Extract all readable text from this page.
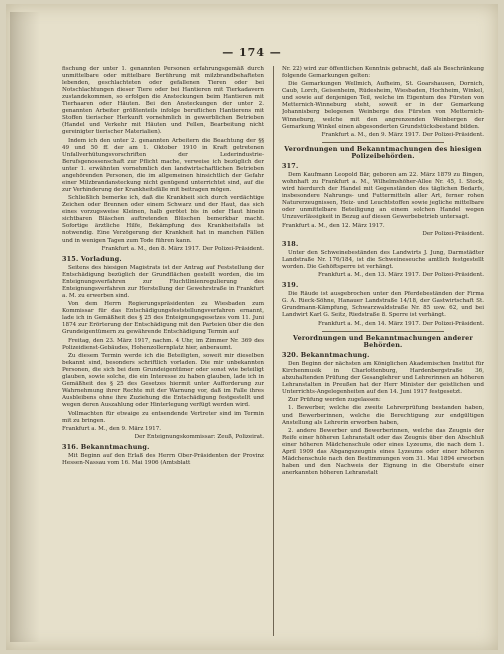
— 174 —

fischung der unter 1. genannten Personen erfahrungsgemäß durch unmittelbare oder mittelbare Berührung mit milzbrandbehafteten lebenden, geschlachteten oder gefallenen Tieren oder bei Notschlachtungen dieser Tiere oder bei Hantieren mit Tierkadavern zustandekommen, so erfolgen die Ansteckungen beim Hantieren mit Tierhaaren oder Häuten. Bei den Ansteckungen der unter 2. genannten Arbeiter größtenteils infolge beruflichen Hantierens mit Stoffen tierischer Herkunft vornehmlich in gewerblichen Betrieben (Handel und Verkehr mit Häuten und Fellen, Bearbeitung nicht gereinigter tierischer Materialien).

Indem ich den unter 2. genannten Arbeitern die Beachtung der §§ 49 und 50 ff. der am 1. Oktober 1910 in Kraft getretenen Unfallverhütungsvorschriften der Lederindustrie-Berufsgenossenschaft zur Pflicht mache, verweise ich bezüglich der unter 1. erwähnten vornehmlich den landwirtschaftlichen Betrieben angehörenden Personen, die im allgemeinen hinsichtlich der Gefahr einer Milzbrandansteckung nicht genügend unterrichtet sind, auf die zur Verhinderung der Krankheitsfälle mit beitragen mögen.

Schließlich bemerke ich, daß die Krankheit sich durch verdächtige Zeichen oder Brennen oder einem Schwarz und der Haut, das sich eines vorzugsweise Kleinen, halb gerötet bis in oder Haut hinein sichtbaren Bläschen auftretenden Blüschen bemerkbar macht. Sofortige ärztliche Hilfe, Bekämpfung des Krankheitsfalls ist notwendig. Eine Verzögerung der Krankheit hat in manchen Fällen und in wenigen Tagen zum Tode führen kann.

Frankfurt a. M., den 8. März 1917. Der Polizei-Präsident.

315. Vorladung.

Seitens des hiesigen Magistrats ist der Antrag auf Feststellung der Entschädigung bezüglich der Grundflächen gestellt worden, die im Enteignungsverfahren zur Fluchtlinienregulierung des Enteignungsverfahren zur Herstellung der Gewehrstraße in Frankfurt a. M. zu erwerben sind.

Von dem Herrn Regierungspräsidenten zu Wiesbaden zum Kommissar für das Entschädigungsfeststellungsverfahren ernannt, lade ich in Gemäßheit des § 25 des Enteignungsgesetzes vom 11. Juni 1874 zur Erörterung der Entschädigung mit den Parteien über die den Grundeigentümern zu gewährende Entschädigung Termin auf

Freitag, den 23. März 1917, nachm. 4 Uhr, im Zimmer Nr. 369 des Polizeidienst-Gebäudes, Hohenzollernplatz hier, anberaumt.

Zu diesem Termin werde ich die Beteiligten, soweit mir dieselben bekannt sind, besonders schriftlich vorladen. Die mir unbekannten Personen, die sich bei dem Grundeigentümer oder sonst wie beteiligt glauben, sowie solche, die ein Interesse zu haben glauben, lade ich in Gemäßheit des § 25 des Gesetzes hiermit unter Aufforderung zur Wahrnehmung ihrer Rechte mit der Warnung vor, daß im Falle ihres Ausbleibens ohne ihre Zuziehung die Entschädigung festgestellt und wegen deren Auszahlung oder Hinterlegung verfügt werden wird.

Vollmachten für etwaige zu entsendende Vertreter sind im Termin mit zu bringen.

Frankfurt a. M., den 9. März 1917.

Der Enteignungskommissar: Zeuß, Polizeirat.

316. Bekanntmachung.

Mit Beginn auf den Erlaß des Herrn Ober-Präsidenten der Provinz Hessen-Nassau vom 16. Mai 1906 (Amtsblatt

Nr. 22) wird zur öffentlichen Kenntnis gebracht, daß als Beschränkung folgende Gemarkungen gelten:

Die Gemarkungen Wellmich, Aufheim, St. Goarshausen, Dornich, Caub, Lorch, Geisenheim, Rüdesheim, Wiesbaden, Hochheim, Winkel, und sowie auf denjenigen Teil, welche im Eigentum des Fürsten von Metternich-Winneburg steht, soweit er in der Gemarkung Johannisberg belegenen Weinberge des Fürsten von Metternich-Winneburg, welche mit den angrenzenden Weinbergen der Gemarkung Winkel einen abgesonderten Grundstücksbestand bilden.

Frankfurt a. M., den 9. März 1917. Der Polizei-Präsident.

Verordnungen und Bekanntmachungen des hiesigen Polizeibehörden.

317.

Dem Kaufmann Leopold Bär, geboren am 22. März 1879 zu Bingen, wohnhaft zu Frankfurt a. M., Wilhelmshöher-Allee Nr. 45, I. Stock, wird hierdurch der Handel mit Gegenständen des täglichen Bedarfs, insbesondere Nahrungs- und Futtermitteln aller Art, ferner rohen Naturerzeugnissen, Heiz- und Leuchtstoffen sowie jegliche mittelbare oder unmittelbare Beteiligung an einem solchen Handel wegen Unzuverlässigkeit in Bezug auf diesen Gewerbebetrieb untersagt.

Frankfurt a. M., den 12. März 1917.

Der Polizei-Präsident.

318.

Unter den Schweinebeständen des Landwirts J. Jung, Darmstädter Landstraße Nr. 176/184, ist die Schweineseuche amtlich festgestellt worden. Die Gehöftsperre ist verhängt.

Frankfurt a. M., den 13. März 1917. Der Polizei-Präsident.

319.

Die Räude ist ausgebrochen unter den Pferdebeständen der Firma G. A. Rieck-Söhne, Hanauer Landstraße 14/18, der Gastwirtschaft St. Grundmann-Kämpfung, Schwarzwaldstraße Nr. 85 usw. 62, und bei Landwirt Karl G. Seitz, Riedstraße 8. Sperre ist verhängt.

Frankfurt a. M., den 14. März 1917. Der Polizei-Präsident.

Verordnungen und Bekanntmachungen anderer Behörden.

320. Bekanntmachung.

Den Beginn der nächsten am Königlichen Akademischen Institut für Kirchenmusik in Charlottenburg, Hardenbergstraße 36, abzuhaltenden Prüfung der Gesanglehrer und Lehrerinnen an höheren Lehranstalten in Preußen hat der Herr Minister der geistlichen und Unterrichts-Angelegenheiten auf den 14. Juni 1917 festgesetzt.

Zur Prüfung werden zugelassen:

1. Bewerber, welche die zweite Lehrerprüfung bestanden haben, und Bewerberinnen, welche die Berechtigung zur endgültigen Anstellung als Lehrerin erworben haben,

2. andere Bewerber und Bewerberinnen, welche das Zeugnis der Reife einer höheren Lehranstalt oder das Zeugnis über den Abschluß einer höheren Mädchenschule oder eines Lyzeums, die nach dem 1. April 1909 das Abgangszeugnis eines Lyzeums oder einer höheren Mädchenschule nach den Bestimmungen vom 31. Mai 1894 erworben haben und den Nachweis der Eignung in die Oberstufe einer anerkannten höheren Lehranstalt
